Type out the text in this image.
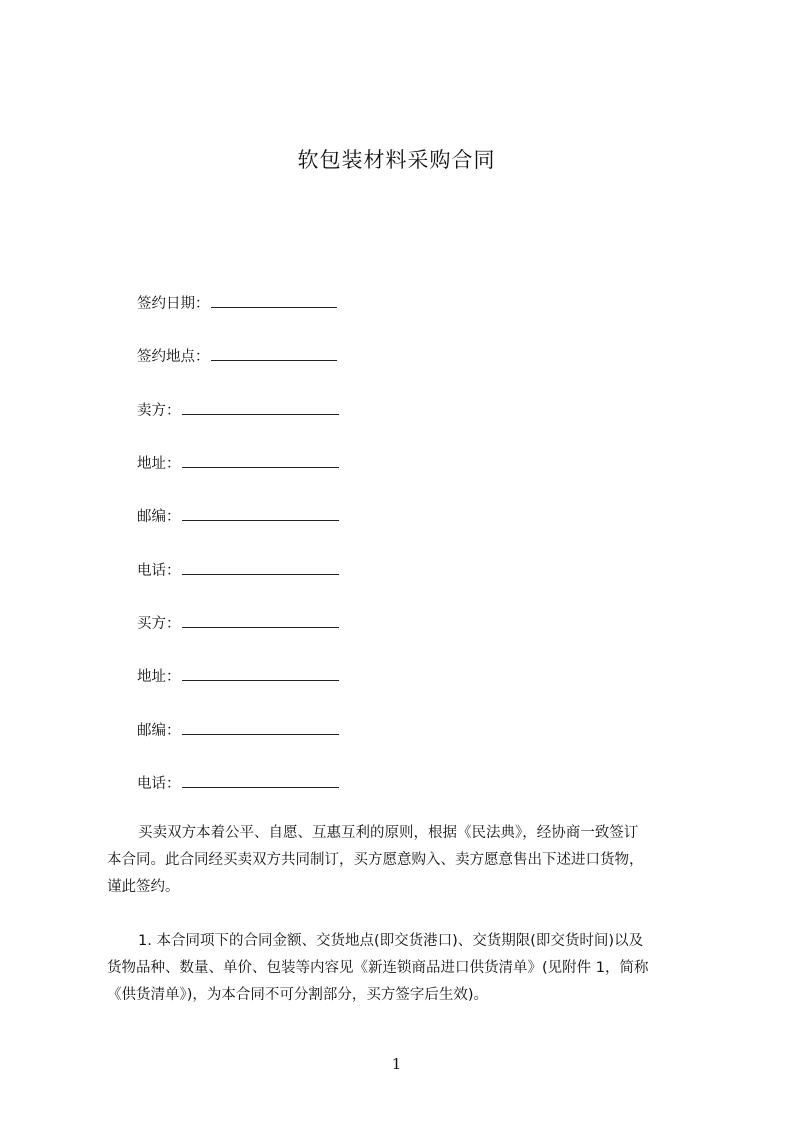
软包装材料采购合同
签约日期：
签约地点：
卖方：
地址：
邮编：
电话：
买方：
地址：
邮编：
电话：
买卖双方本着公平、自愿、互惠互利的原则，根据《民法典》，经协商一致签订
本合同。此合同经买卖双方共同制订，买方愿意购入、卖方愿意售出下述进口货物，
谨此签约。
1. 本合同项下的合同金额、交货地点(即交货港口)、交货期限(即交货时间)以及
货物品种、数量、单价、包装等内容见《新连锁商品进口供货清单》(见附件 1，简称
《供货清单》)，为本合同不可分割部分，买方签字后生效)。
1
